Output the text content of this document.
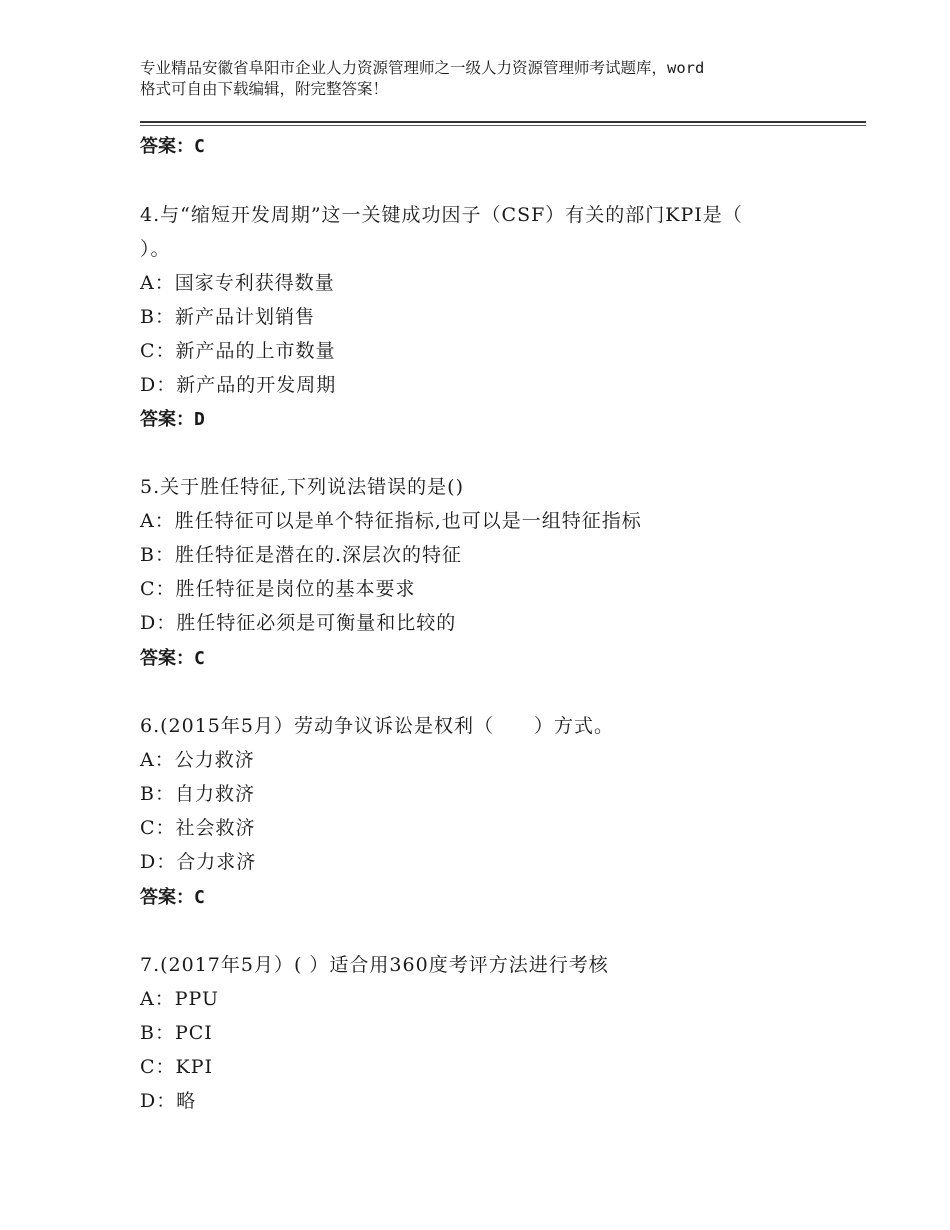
专业精品安徽省阜阳市企业人力资源管理师之一级人力资源管理师考试题库，word
格式可自由下载编辑，附完整答案！
答案：C
4.与“缩短开发周期”这一关键成功因子（CSF）有关的部门KPI是（
）。
A：国家专利获得数量
B：新产品计划销售
C：新产品的上市数量
D：新产品的开发周期
答案：D
5.关于胜任特征,下列说法错误的是()
A：胜任特征可以是单个特征指标,也可以是一组特征指标
B：胜任特征是潜在的.深层次的特征
C：胜任特征是岗位的基本要求
D：胜任特征必须是可衡量和比较的
答案：C
6.(2015年5月）劳动争议诉讼是权利（　　）方式。
A：公力救济
B：自力救济
C：社会救济
D：合力求济
答案：C
7.(2017年5月）( ）适合用360度考评方法进行考核
A：PPU
B：PCI
C：KPI
D：略
